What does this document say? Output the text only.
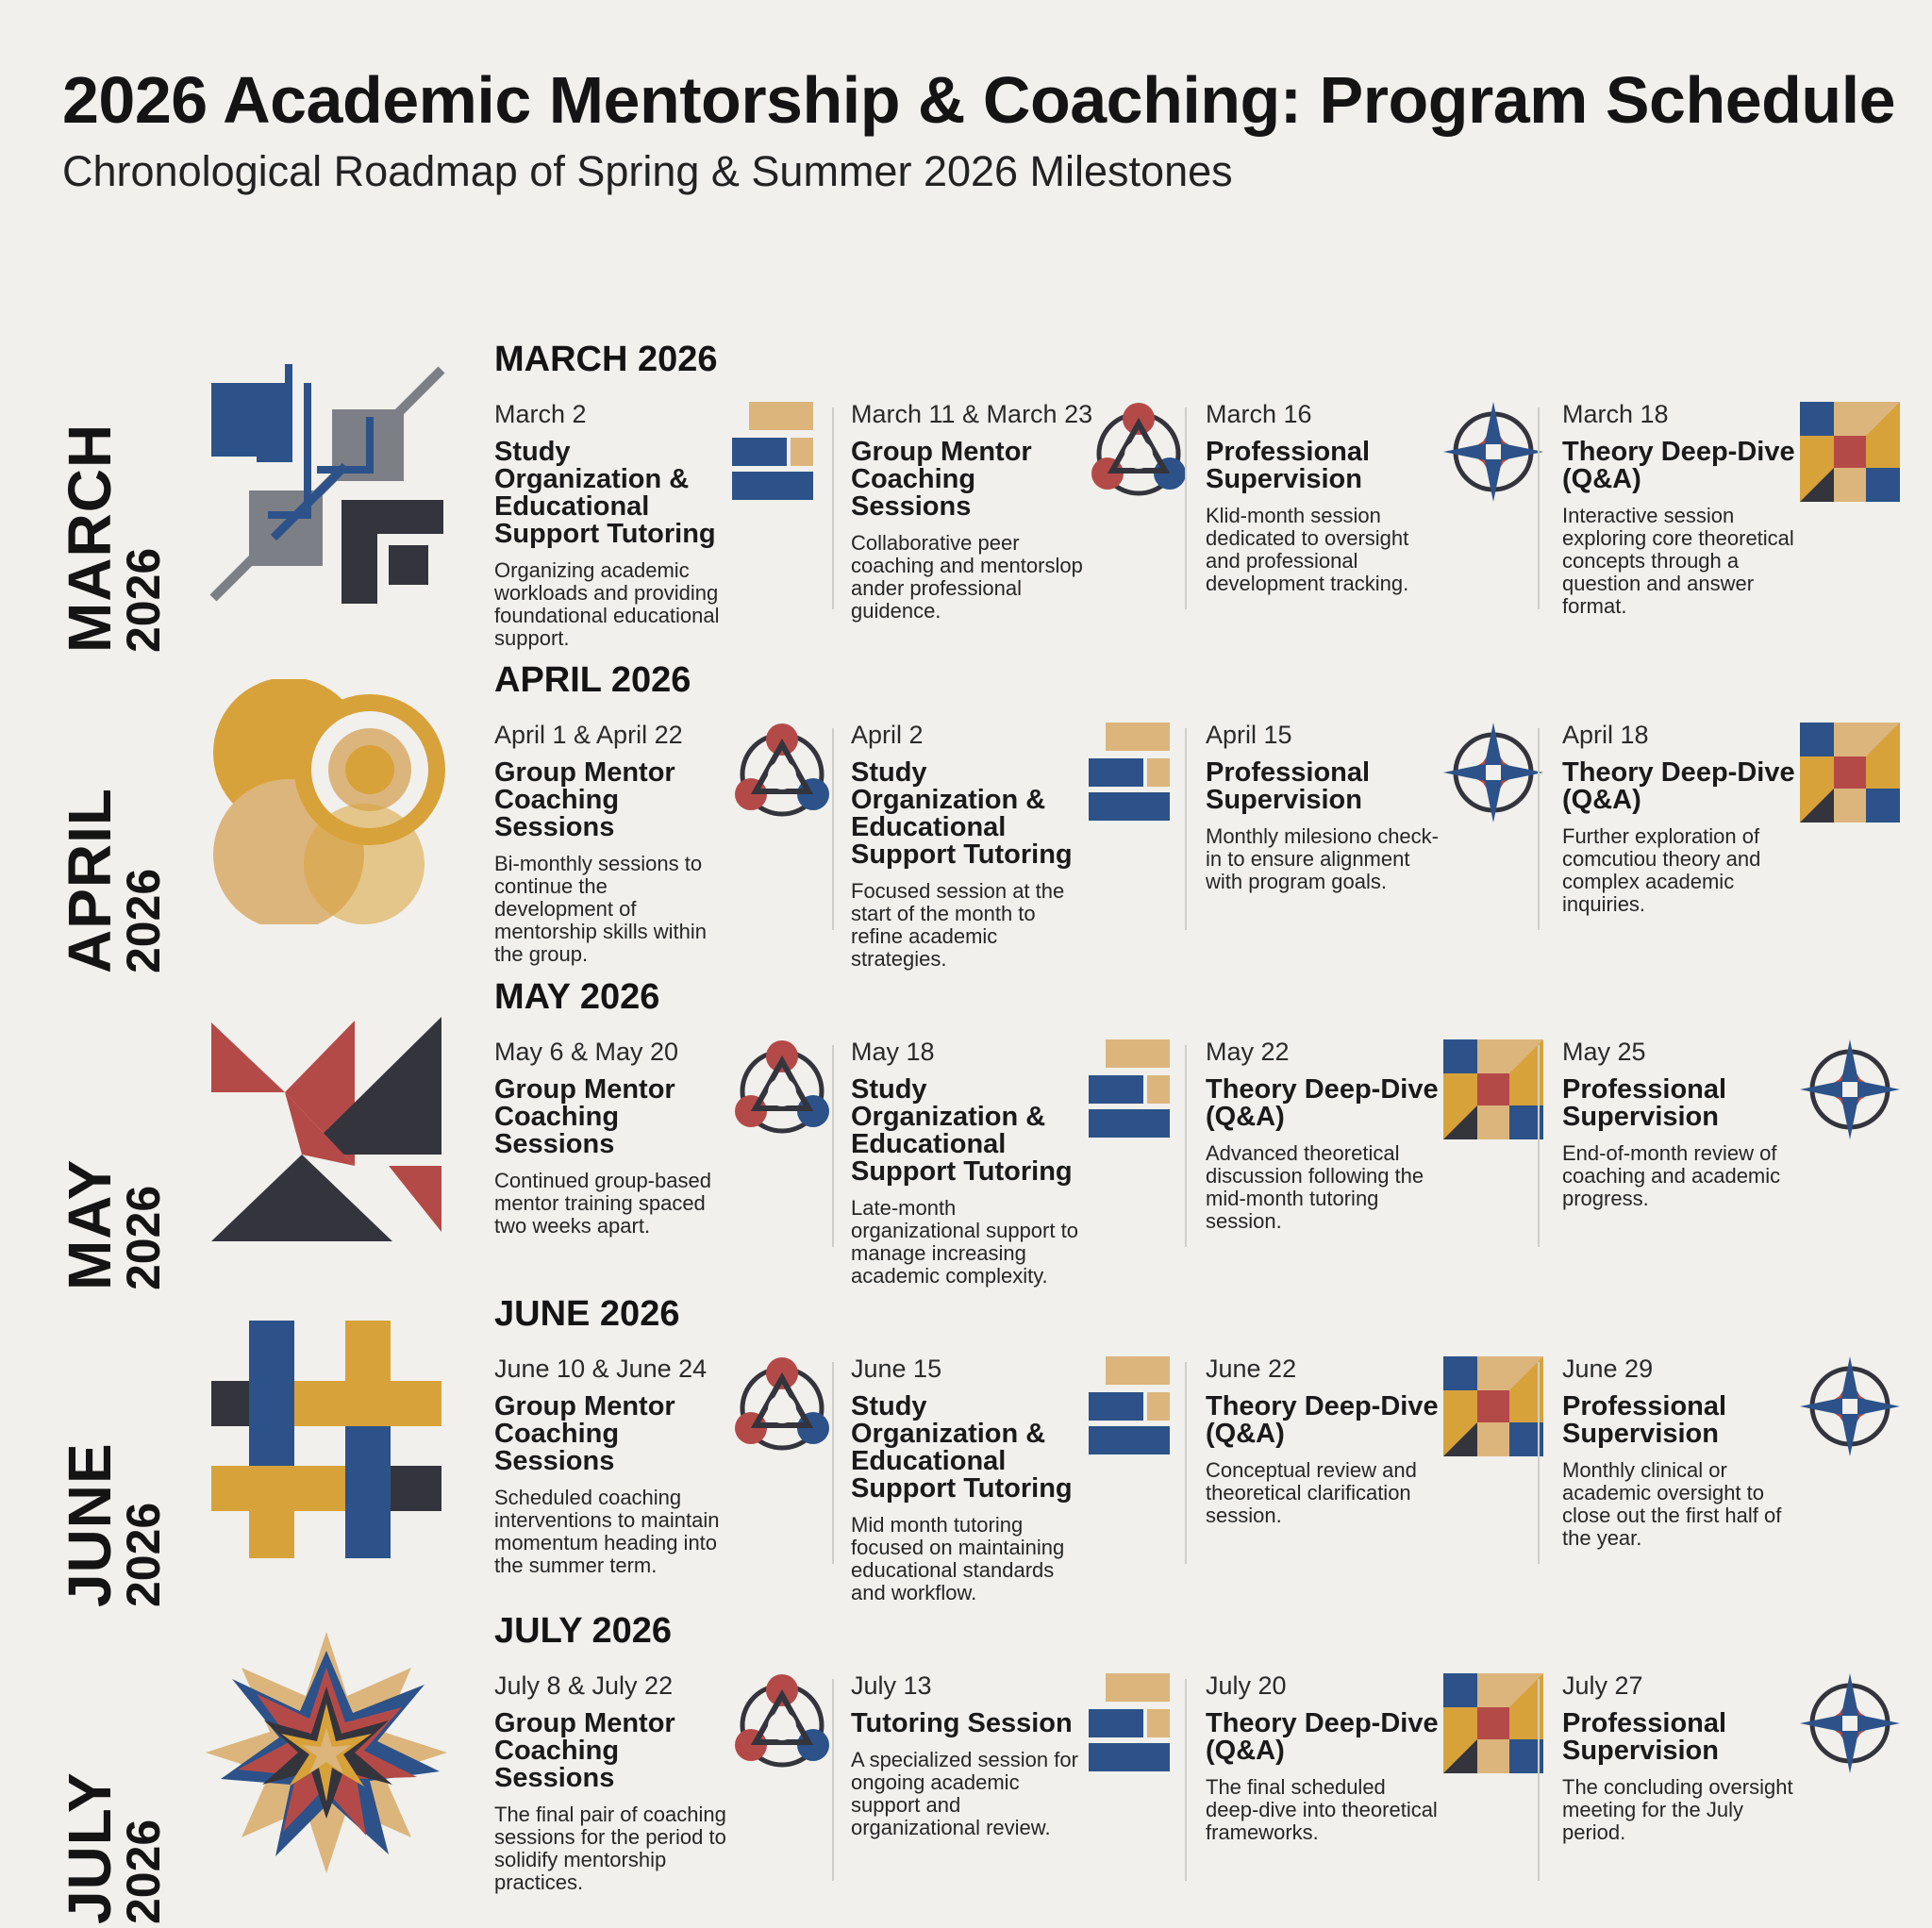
2026 Academic Mentorship & Coaching: Program Schedule

Chronological Roadmap of Spring & Summer 2026 Milestones

MARCH
2026
MARCH 2026
March 2
Study Organization & Educational Support Tutoring
Organizing academic workloads and providing foundational educational support.
March 11 & March 23
Group Mentor Coaching Sessions
Collaborative peer coaching and mentorslop ander professional guidence.
March 16
Professional Supervision
Klid-month session dedicated to oversight and professional development tracking.
March 18
Theory Deep-Dive (Q&A)
Interactive session exploring core theoretical concepts through a question and answer format.
APRIL
2026
APRIL 2026
April 1 & April 22
Group Mentor Coaching Sessions
Bi-monthly sessions to continue the development of mentorship skills within the group.
April 2
Study Organization & Educational Support Tutoring
Focused session at the start of the month to refine academic strategies.
April 15
Professional Supervision
Monthly milesiono check-in to ensure alignment with program goals.
April 18
Theory Deep-Dive (Q&A)
Further exploration of comcutiou theory and complex academic inquiries.
MAY
2026
MAY 2026
May 6 & May 20
Group Mentor Coaching Sessions
Continued group-based mentor training spaced two weeks apart.
May 18
Study Organization & Educational Support Tutoring
Late-month organizational support to manage increasing academic complexity.
May 22
Theory Deep-Dive (Q&A)
Advanced theoretical discussion following the mid-month tutoring session.
May 25
Professional Supervision
End-of-month review of coaching and academic progress.
JUNE
2026
JUNE 2026
June 10 & June 24
Group Mentor Coaching Sessions
Scheduled coaching interventions to maintain momentum heading into the summer term.
June 15
Study Organization & Educational Support Tutoring
Mid month tutoring focused on maintaining educational standards and workflow.
June 22
Theory Deep-Dive (Q&A)
Conceptual review and theoretical clarification session.
June 29
Professional Supervision
Monthly clinical or academic oversight to close out the first half of the year.
JULY
2026
JULY 2026
July 8 & July 22
Group Mentor Coaching Sessions
The final pair of coaching sessions for the period to solidify mentorship practices.
July 13
Tutoring Session
A specialized session for ongoing academic support and organizational review.
July 20
Theory Deep-Dive (Q&A)
The final scheduled deep-dive into theoretical frameworks.
July 27
Professional Supervision
The concluding oversight meeting for the July period.
